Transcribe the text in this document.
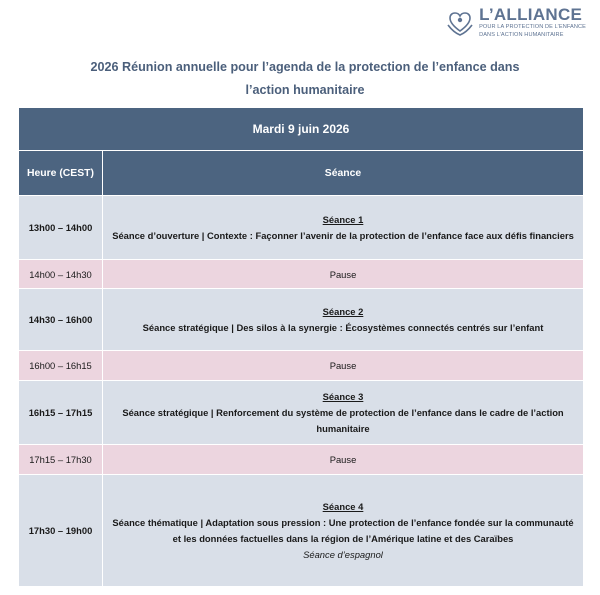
L’ALLIANCE
POUR LA PROTECTION DE L’ENFANCE
DANS L’ACTION HUMANITAIRE
2026 Réunion annuelle pour l’agenda de la protection de l’enfance dans
l’action humanitaire
Mardi 9 juin 2026	
Heure (CEST)	Séance
13h00 – 14h00	Séance 1
Séance d’ouverture | Contexte : Façonner l’avenir de la protection de l’enfance face aux défis financiers

14h00 – 14h30	Pause
14h30 – 16h00	Séance 2
Séance stratégique | Des silos à la synergie : Écosystèmes connectés centrés sur l’enfant

16h00 – 16h15	Pause
16h15 – 17h15	Séance 3
Séance stratégique | Renforcement du système de protection de l’enfance dans le cadre de l’action humanitaire

17h15 – 17h30	Pause
17h30 – 19h00	Séance 4
Séance thématique | Adaptation sous pression : Une protection de l’enfance fondée sur la communauté et les données factuelles dans la région de l’Amérique latine et des Caraïbes
Séance d’espagnol
